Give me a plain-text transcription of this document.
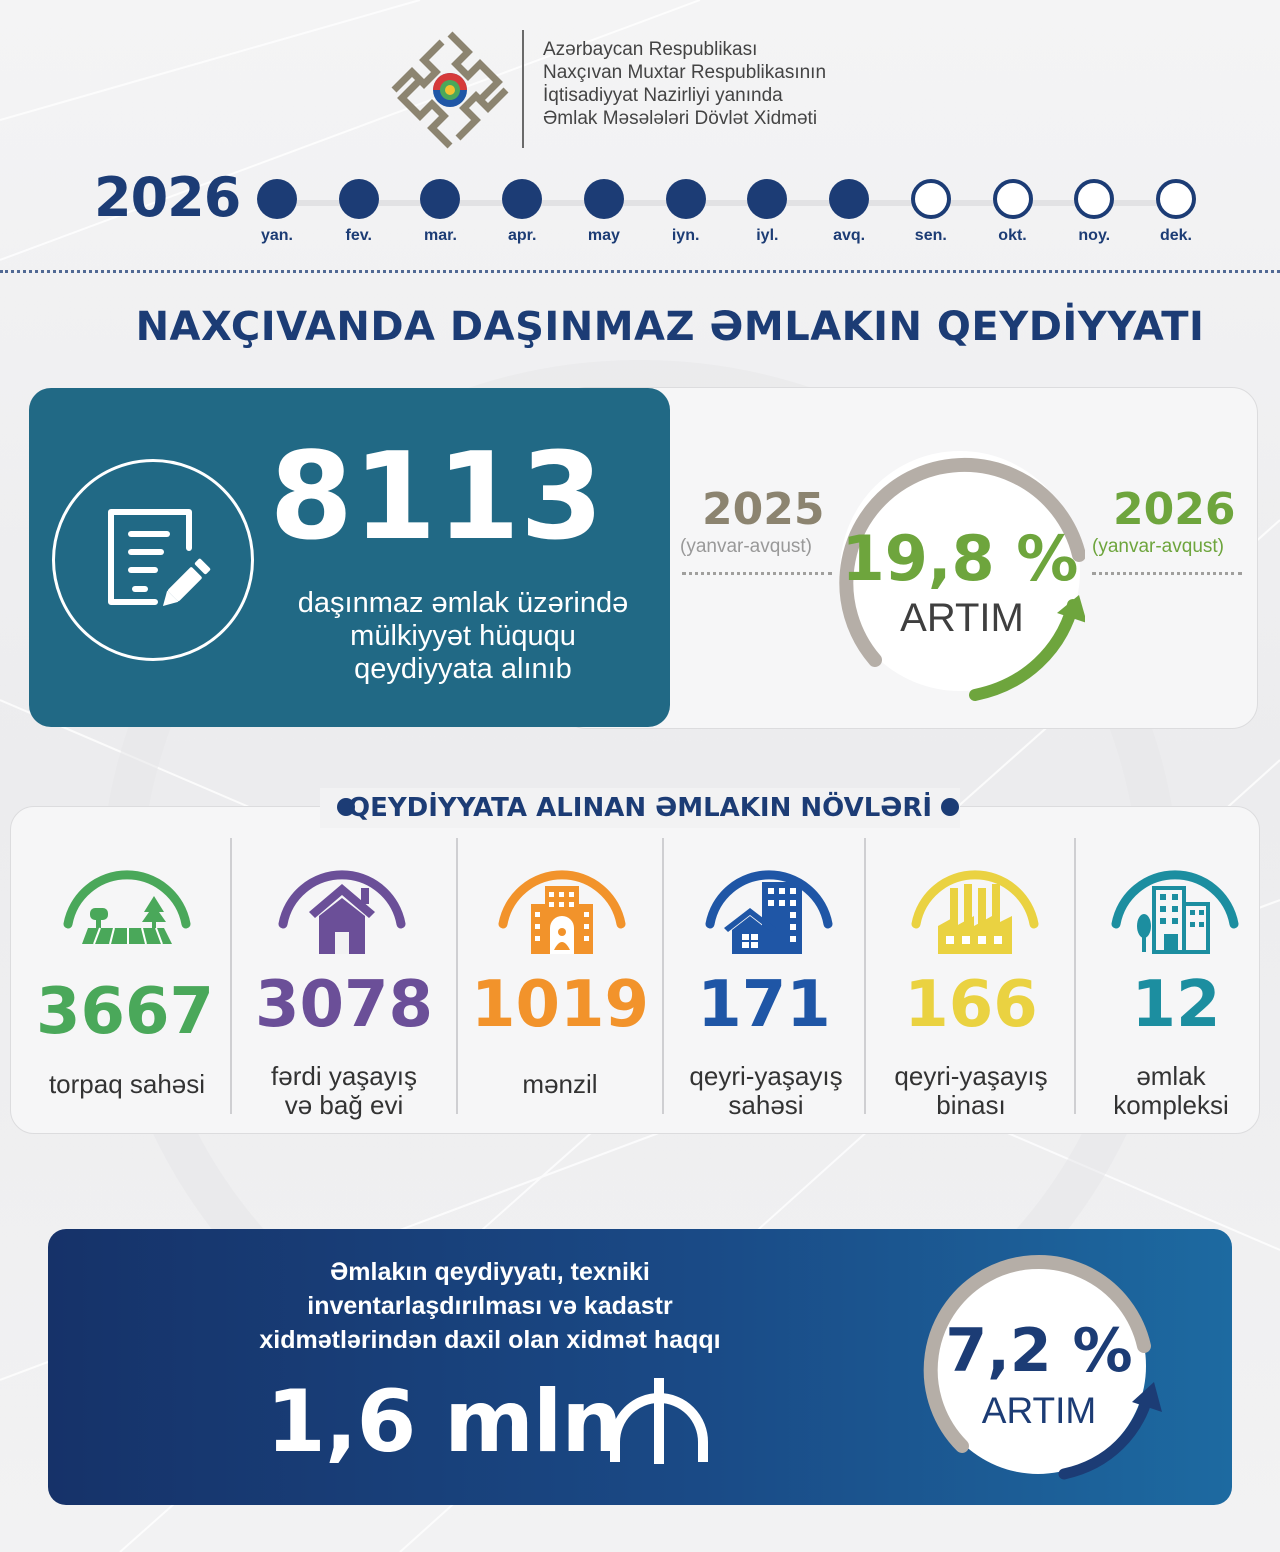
Azərbaycan Respublikası
Naxçıvan Muxtar Respublikasının
İqtisadiyyat Nazirliyi yanında
Əmlak Məsələləri Dövlət Xidməti
2026
yan.	fev.	mar.	apr.	may	iyn.	iyl.	avq.	sen.	okt.	noy.	dek.
NAXÇIVANDA DAŞINMAZ ƏMLAKIN QEYDİYYATI
8113
daşınmaz əmlak üzərində
mülkiyyət hüququ
qeydiyyata alınıb
2025
(yanvar-avqust)
2026
(yanvar-avqust)
19,8 %
ARTIM
QEYDİYYATA ALINAN ƏMLAKIN NÖVLƏRİ
3667
torpaq sahəsi
3078
fərdi yaşayış
və bağ evi
1019
mənzil
171
qeyri-yaşayış
sahəsi
166
qeyri-yaşayış
binası
12
əmlak
kompleksi
Əmlakın qeydiyyatı, texniki
inventarlaşdırılması və kadastr
xidmətlərindən daxil olan xidmət haqqı
1,6 mln
7,2 %
ARTIM
